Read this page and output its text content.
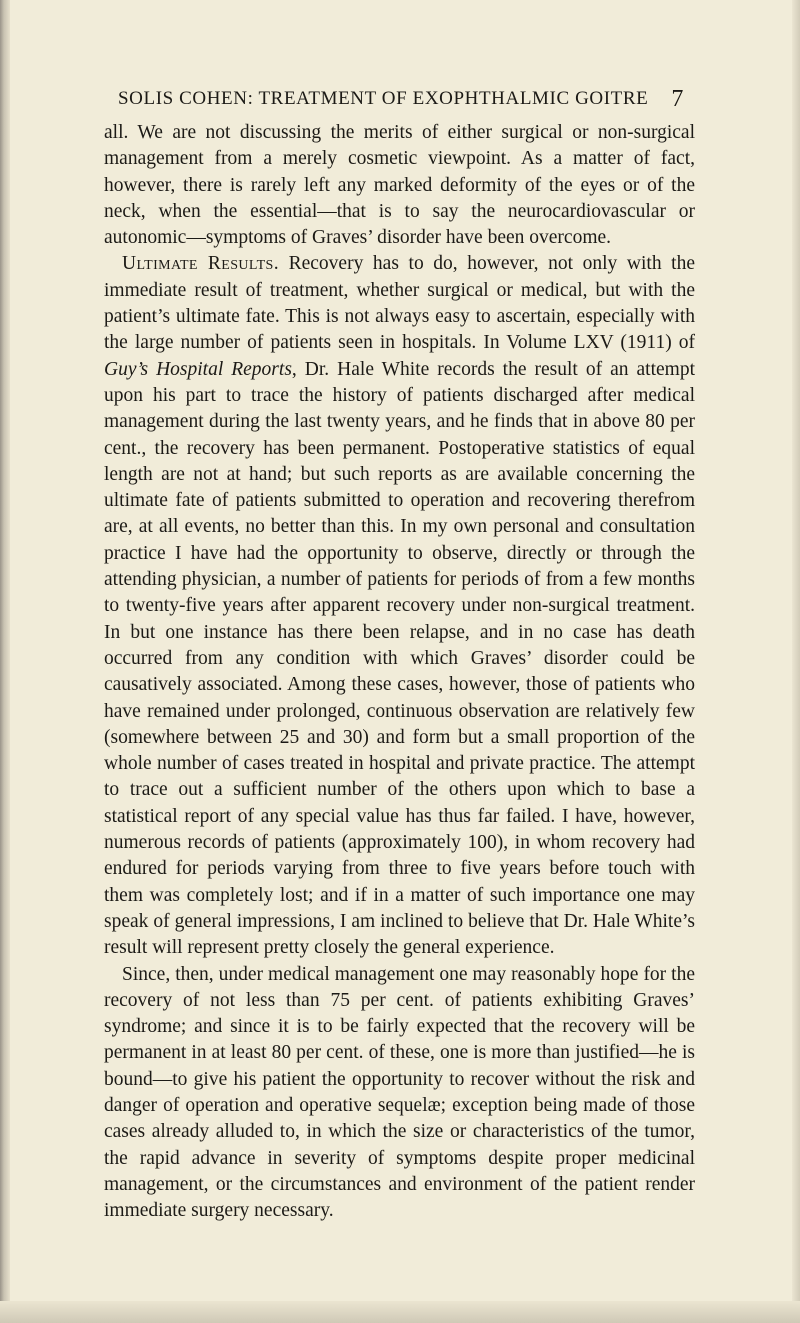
SOLIS COHEN: TREATMENT OF EXOPHTHALMIC GOITRE 7

all. We are not discussing the merits of either surgical or non-surgical management from a merely cosmetic viewpoint. As a matter of fact, however, there is rarely left any marked deformity of the eyes or of the neck, when the essential—that is to say the neurocardiovascular or autonomic—symptoms of Graves’ disorder have been overcome.

Ultimate Results. Recovery has to do, however, not only with the immediate result of treatment, whether surgical or medical, but with the patient’s ultimate fate. This is not always easy to ascertain, especially with the large number of patients seen in hospitals. In Volume LXV (1911) of Guy’s Hospital Reports, Dr. Hale White records the result of an attempt upon his part to trace the history of patients discharged after medical management during the last twenty years, and he finds that in above 80 per cent., the recovery has been permanent. Postoperative statistics of equal length are not at hand; but such reports as are available concerning the ultimate fate of patients submitted to operation and recovering therefrom are, at all events, no better than this. In my own personal and consultation practice I have had the opportunity to observe, directly or through the attending physician, a number of patients for periods of from a few months to twenty-five years after apparent recovery under non-surgical treatment. In but one instance has there been relapse, and in no case has death occurred from any condition with which Graves’ disorder could be causatively associated. Among these cases, however, those of patients who have remained under prolonged, continuous observation are relatively few (somewhere between 25 and 30) and form but a small proportion of the whole number of cases treated in hospital and private practice. The attempt to trace out a sufficient number of the others upon which to base a statistical report of any special value has thus far failed. I have, however, numerous records of patients (approximately 100), in whom recovery had endured for periods varying from three to five years before touch with them was completely lost; and if in a matter of such importance one may speak of general impressions, I am inclined to believe that Dr. Hale White’s result will represent pretty closely the general experience.

Since, then, under medical management one may reasonably hope for the recovery of not less than 75 per cent. of patients exhibiting Graves’ syndrome; and since it is to be fairly expected that the recovery will be permanent in at least 80 per cent. of these, one is more than justified—he is bound—to give his patient the opportunity to recover without the risk and danger of operation and operative sequelæ; exception being made of those cases already alluded to, in which the size or characteristics of the tumor, the rapid advance in severity of symptoms despite proper medicinal management, or the circumstances and environment of the patient render immediate surgery necessary.
